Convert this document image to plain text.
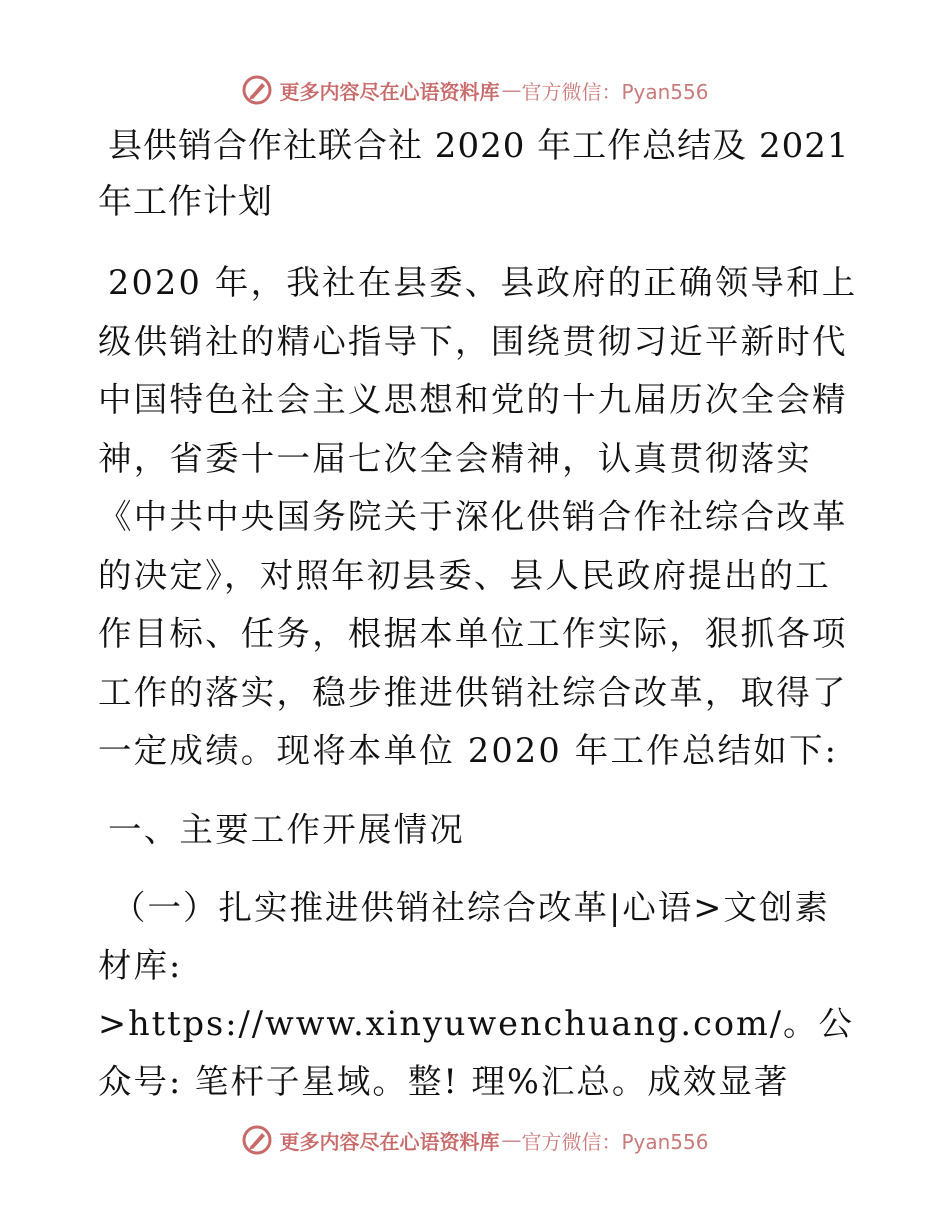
更多内容尽在心语资料库 — 官方微信：Pyan556
县供销合作社联合社 2020 年工作总结及 2021 年工作计划

2020 年，我社在县委、县政府的正确领导和上级供销社的精心指导下，围绕贯彻习近平新时代中国特色社会主义思想和党的十九届历次全会精神，省委十一届七次全会精神，认真贯彻落实《中共中央国务院关于深化供销合作社综合改革的决定》，对照年初县委、县人民政府提出的工作目标、任务，根据本单位工作实际，狠抓各项工作的落实，稳步推进供销社综合改革，取得了一定成绩。现将本单位 2020 年工作总结如下:

一、主要工作开展情况

（一）扎实推进供销社综合改革|心语>文创素材库: >https://www.xinyuwenchuang.com/。公众号: 笔杆子星域。整! 理%汇总。成效显著

更多内容尽在心语资料库 — 官方微信：Pyan556
